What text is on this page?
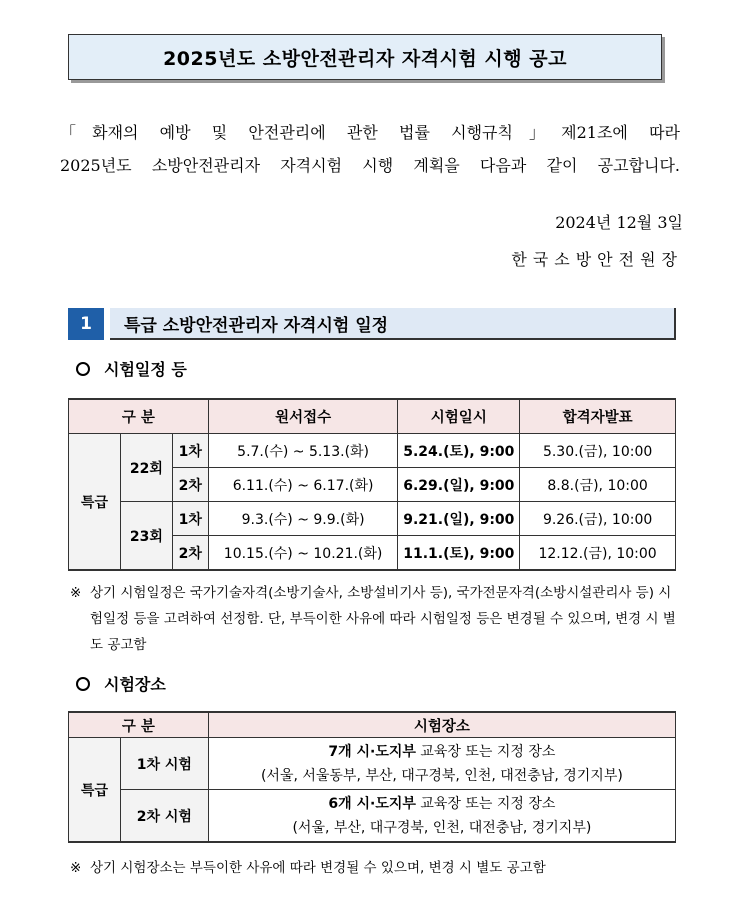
2025년도 소방안전관리자 자격시험 시행 공고

「화재의 예방 및 안전관리에 관한 법률 시행규칙」제21조에 따라

2025년도 소방안전관리자 자격시험 시행 계획을 다음과 같이 공고합니다.

2024년 12월 3일
한국소방안전원장
1	특급 소방안전관리자 자격시험 일정
시험일정 등
구 분			원서접수	시험일시	합격자발표
특급	22회	1차	5.7.(수) ~ 5.13.(화)	5.24.(토), 9:00	5.30.(금), 10:00
		2차	6.11.(수) ~ 6.17.(화)	6.29.(일), 9:00	8.8.(금), 10:00
	23회	1차	9.3.(수) ~ 9.9.(화)	9.21.(일), 9:00	9.26.(금), 10:00
		2차	10.15.(수) ~ 10.21.(화)	11.1.(토), 9:00	12.12.(금), 10:00
※ 상기 시험일정은 국가기술자격(소방기술사, 소방설비기사 등), 국가전문자격(소방시설관리사 등) 시험일정 등을 고려하여 선정함. 단, 부득이한 사유에 따라 시험일정 등은 변경될 수 있으며, 변경 시 별도 공고함
시험장소
구 분		시험장소
특급	1차 시험	7개 시·도지부 교육장 또는 지정 장소
(서울, 서울동부, 부산, 대구경북, 인천, 대전충남, 경기지부)

	2차 시험	6개 시·도지부 교육장 또는 지정 장소
(서울, 부산, 대구경북, 인천, 대전충남, 경기지부)
※ 상기 시험장소는 부득이한 사유에 따라 변경될 수 있으며, 변경 시 별도 공고함
